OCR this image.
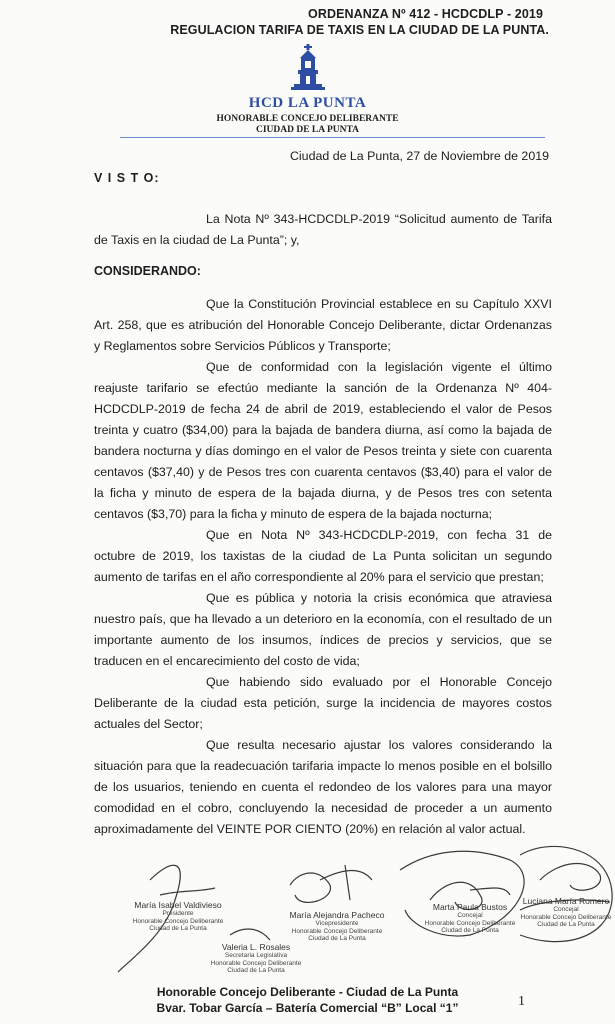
ORDENANZA Nº 412 - HCDCDLP - 2019
REGULACION TARIFA DE TAXIS EN LA CIUDAD DE LA PUNTA.
HCD LA PUNTA
HONORABLE CONCEJO DELIBERANTE
CIUDAD DE LA PUNTA
Ciudad de La Punta, 27 de Noviembre de 2019
V I S T O:
La Nota Nº 343-HCDCDLP-2019 “Solicitud aumento de Tarifa de Taxis en la ciudad de La Punta”; y,
CONSIDERANDO:
Que la Constitución Provincial establece en su Capítulo XXVI Art. 258, que es atribución del Honorable Concejo Deliberante, dictar Ordenanzas y Reglamentos sobre Servicios Públicos y Transporte;
Que de conformidad con la legislación vigente el último reajuste tarifario se efectúo mediante la sanción de la Ordenanza Nº 404-HCDCDLP-2019 de fecha 24 de abril de 2019, estableciendo el valor de Pesos treinta y cuatro ($34,00) para la bajada de bandera diurna, así como la bajada de bandera nocturna y días domingo en el valor de Pesos treinta y siete con cuarenta centavos ($37,40) y de Pesos tres con cuarenta centavos ($3,40) para el valor de la ficha y minuto de espera de la bajada diurna, y de Pesos tres con setenta centavos ($3,70) para la ficha y minuto de espera de la bajada nocturna;
Que en Nota Nº 343-HCDCDLP-2019, con fecha 31 de octubre de 2019, los taxistas de la ciudad de La Punta solicitan un segundo aumento de tarifas en el año correspondiente al 20% para el servicio que prestan;
Que es pública y notoria la crisis económica que atraviesa nuestro país, que ha llevado a un deterioro en la economía, con el resultado de un importante aumento de los insumos, índices de precios y servicios, que se traducen en el encarecimiento del costo de vida;
Que habiendo sido evaluado por el Honorable Concejo Deliberante de la ciudad esta petición, surge la incidencia de mayores costos actuales del Sector;
Que resulta necesario ajustar los valores considerando la situación para que la readecuación tarifaria impacte lo menos posible en el bolsillo de los usuarios, teniendo en cuenta el redondeo de los valores para una mayor comodidad en el cobro, concluyendo la necesidad de proceder a un aumento aproximadamente del VEINTE POR CIENTO (20%) en relación al valor actual.
María Isabel Valdivieso
Presidente
Honorable Concejo Deliberante
Ciudad de La Punta
María Alejandra Pacheco
Vicepresidente
Honorable Concejo Deliberante
Ciudad de La Punta
Marta Paula Bustos
Concejal
Honorable Concejo Deliberante
Ciudad de La Punta
Luciana María Romero
Concejal
Honorable Concejo Deliberante
Ciudad de La Punta
Valeria L. Rosales
Secretaria Legislativa
Honorable Concejo Deliberante
Ciudad de La Punta
Honorable Concejo Deliberante - Ciudad de La Punta
Bvar. Tobar García – Batería Comercial “B” Local “1”	1
